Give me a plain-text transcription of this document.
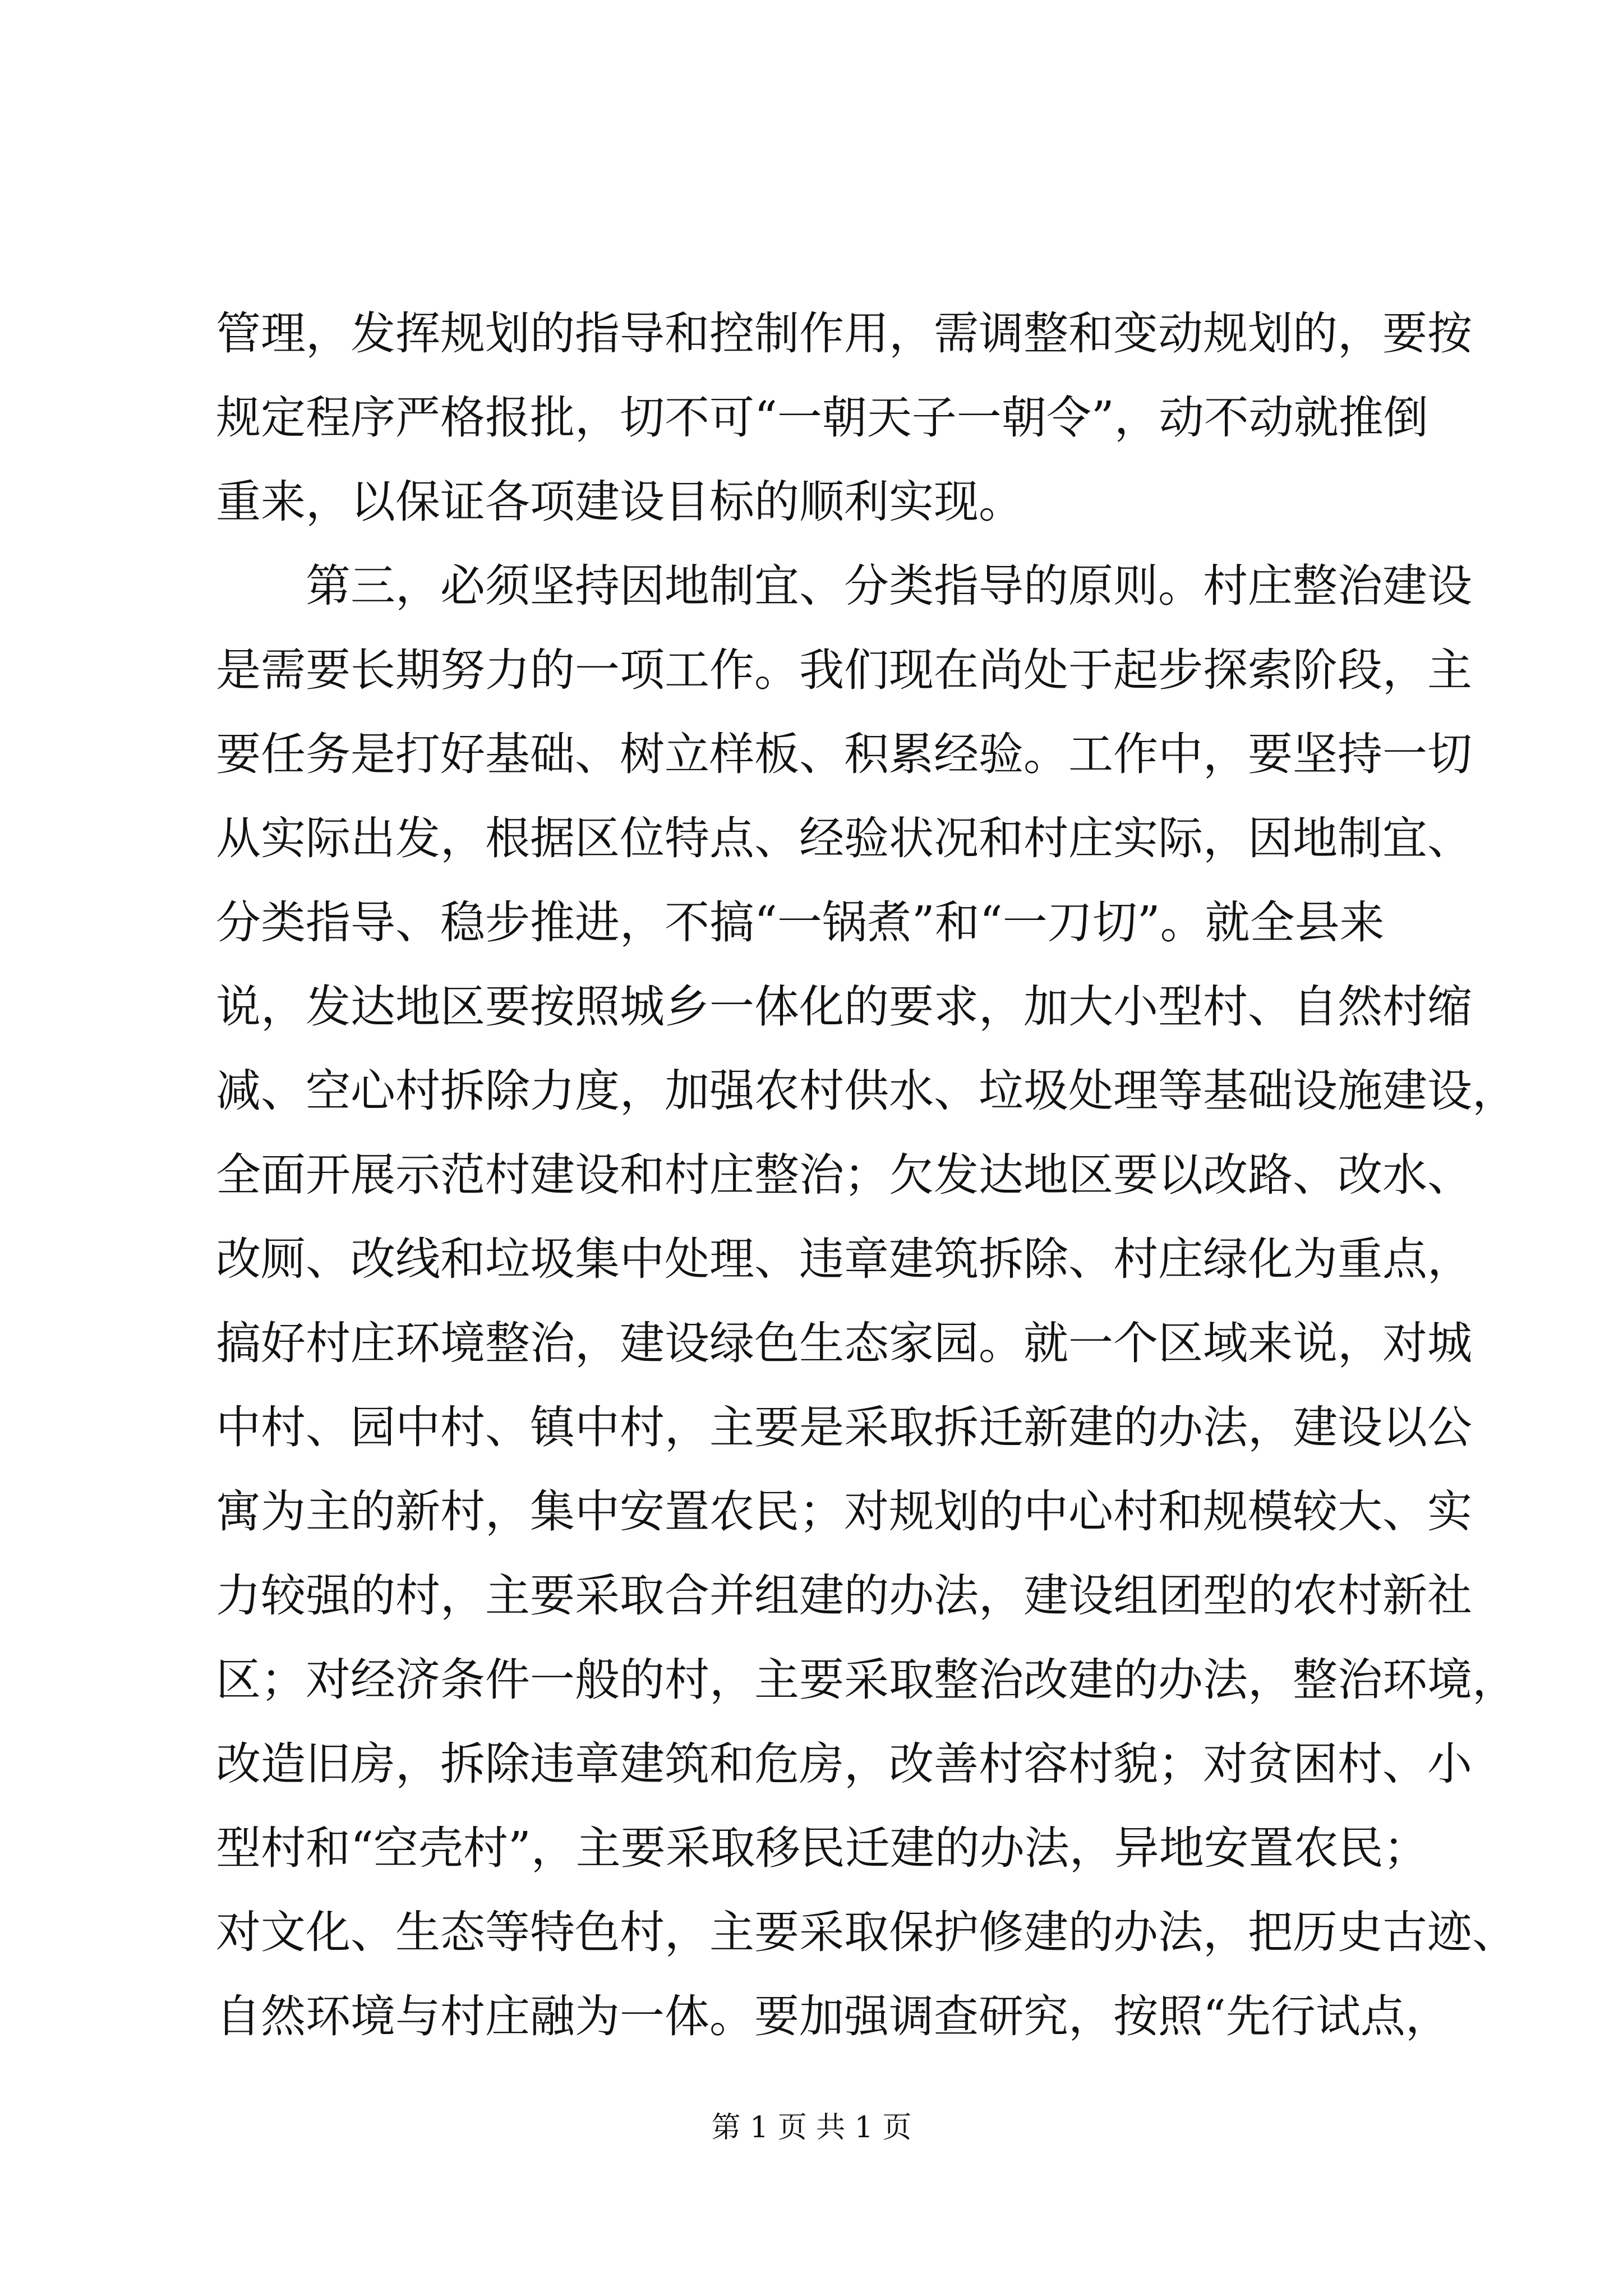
管理，发挥规划的指导和控制作用，需调整和变动规划的，要按
规定程序严格报批，切不可“一朝天子一朝令”，动不动就推倒
重来，以保证各项建设目标的顺利实现。
　　第三，必须坚持因地制宜、分类指导的原则。村庄整治建设
是需要长期努力的一项工作。我们现在尚处于起步探索阶段，主
要任务是打好基础、树立样板、积累经验。工作中，要坚持一切
从实际出发，根据区位特点、经验状况和村庄实际，因地制宜、
分类指导、稳步推进，不搞“一锅煮”和“一刀切”。就全县来
说，发达地区要按照城乡一体化的要求，加大小型村、自然村缩
减、空心村拆除力度，加强农村供水、垃圾处理等基础设施建设，
全面开展示范村建设和村庄整治；欠发达地区要以改路、改水、
改厕、改线和垃圾集中处理、违章建筑拆除、村庄绿化为重点，
搞好村庄环境整治，建设绿色生态家园。就一个区域来说，对城
中村、园中村、镇中村，主要是采取拆迁新建的办法，建设以公
寓为主的新村，集中安置农民；对规划的中心村和规模较大、实
力较强的村，主要采取合并组建的办法，建设组团型的农村新社
区；对经济条件一般的村，主要采取整治改建的办法，整治环境，
改造旧房，拆除违章建筑和危房，改善村容村貌；对贫困村、小
型村和“空壳村”，主要采取移民迁建的办法，异地安置农民；
对文化、生态等特色村，主要采取保护修建的办法，把历史古迹、
自然环境与村庄融为一体。要加强调查研究，按照“先行试点，
第 1 页 共 1 页
